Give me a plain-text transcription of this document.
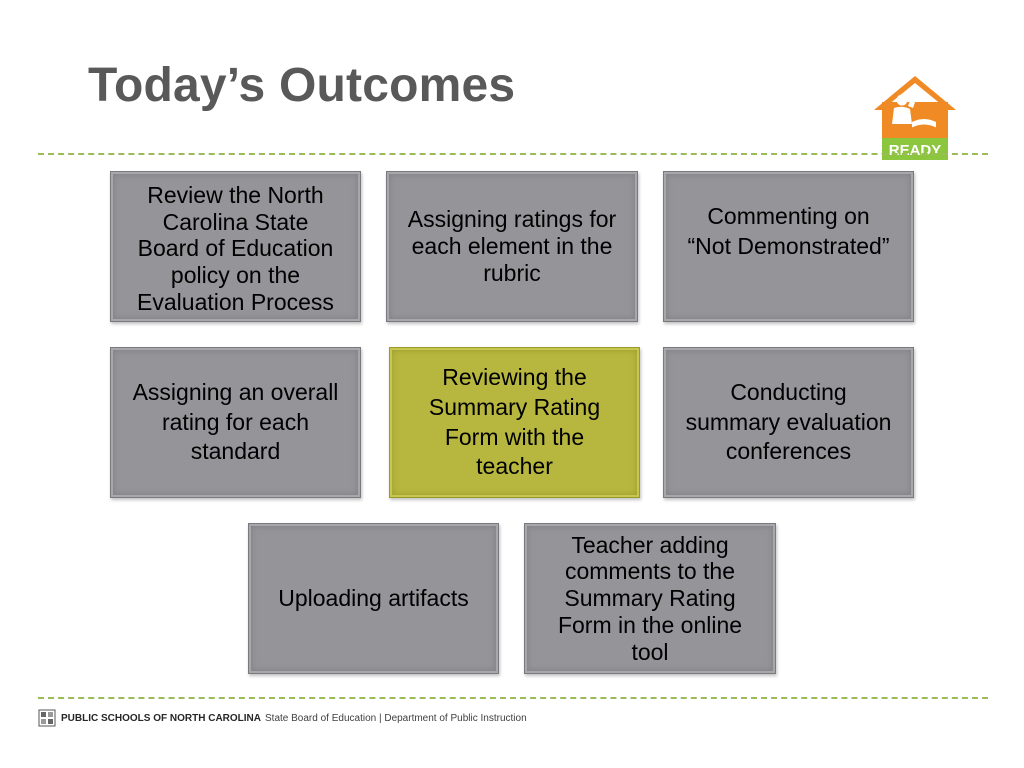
Today’s Outcomes
READY
Review the North
Carolina State
Board of Education
policy on the
Evaluation Process
Assigning ratings for
each element in the
rubric
Commenting on
“Not Demonstrated”
Assigning an overall
rating for each
standard
Reviewing the
Summary Rating
Form with the
teacher
Conducting
summary evaluation
conferences
Uploading artifacts
Teacher adding
comments to the
Summary Rating
Form in the online
tool
PUBLIC SCHOOLS OF NORTH CAROLINA State Board of Education | Department of Public Instruction
